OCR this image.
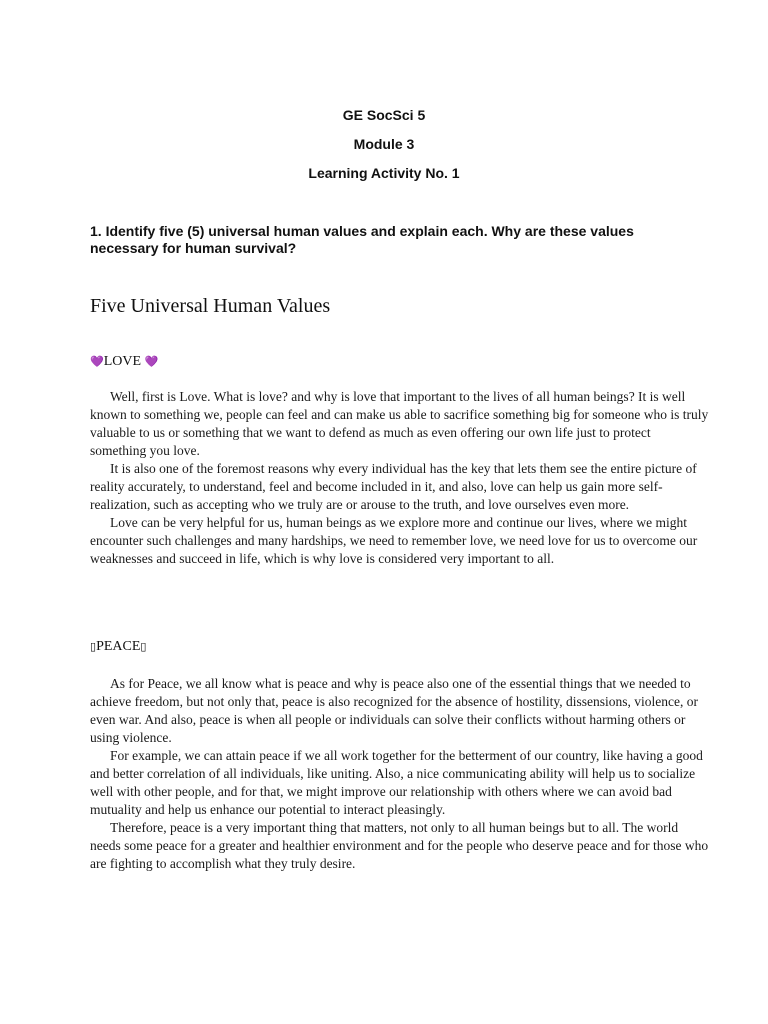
GE SocSci 5
Module 3
Learning Activity No. 1
1. Identify five (5) universal human values and explain each. Why are these values necessary for human survival?
Five Universal Human Values
💜LOVE 💜

Well, first is Love. What is love? and why is love that important to the lives of all human beings? It is well known to something we, people can feel and can make us able to sacrifice something big for someone who is truly valuable to us or something that we want to defend as much as even offering our own life just to protect something you love.

It is also one of the foremost reasons why every individual has the key that lets them see the entire picture of reality accurately, to understand, feel and become included in it, and also, love can help us gain more self-realization, such as accepting who we truly are or arouse to the truth, and love ourselves even more.

Love can be very helpful for us, human beings as we explore more and continue our lives, where we might encounter such challenges and many hardships, we need to remember love, we need love for us to overcome our weaknesses and succeed in life, which is why love is considered very important to all.

▯PEACE▯

As for Peace, we all know what is peace and why is peace also one of the essential things that we needed to achieve freedom, but not only that, peace is also recognized for the absence of hostility, dissensions, violence, or even war. And also, peace is when all people or individuals can solve their conflicts without harming others or using violence.

For example, we can attain peace if we all work together for the betterment of our country, like having a good and better correlation of all individuals, like uniting. Also, a nice communicating ability will help us to socialize well with other people, and for that, we might improve our relationship with others where we can avoid bad mutuality and help us enhance our potential to interact pleasingly.

Therefore, peace is a very important thing that matters, not only to all human beings but to all. The world needs some peace for a greater and healthier environment and for the people who deserve peace and for those who are fighting to accomplish what they truly desire.
